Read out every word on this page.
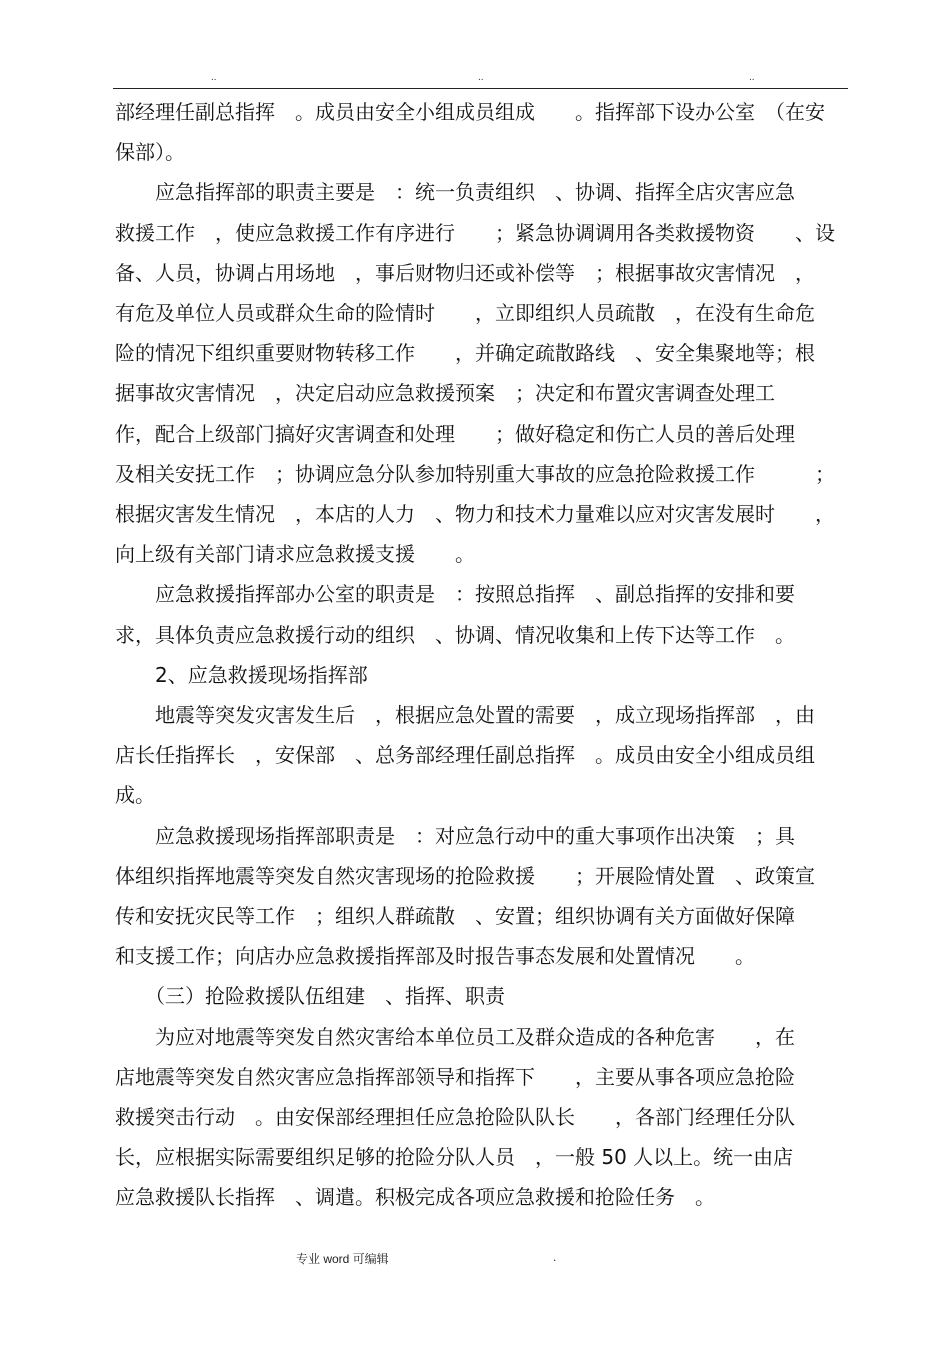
..	..	..
部经理任副总指挥　。成员由安全小组成员组成　　。指挥部下设办公室　（在安
保部）。
　　应急指挥部的职责主要是　：统一负责组织　、协调、指挥全店灾害应急
救援工作　，使应急救援工作有序进行　　；紧急协调调用各类救援物资　　、设
备、人员，协调占用场地　，事后财物归还或补偿等　；根据事故灾害情况　，
有危及单位人员或群众生命的险情时　　，立即组织人员疏散　，在没有生命危
险的情况下组织重要财物转移工作　　，并确定疏散路线　、安全集聚地等；根
据事故灾害情况　，决定启动应急救援预案　；决定和布置灾害调查处理工
作，配合上级部门搞好灾害调查和处理　　；做好稳定和伤亡人员的善后处理
及相关安抚工作　；协调应急分队参加特别重大事故的应急抢险救援工作　　　；
根据灾害发生情况　，本店的人力　、物力和技术力量难以应对灾害发展时　　，
向上级有关部门请求应急救援支援　　。
　　应急救援指挥部办公室的职责是　：按照总指挥　、副总指挥的安排和要
求，具体负责应急救援行动的组织　、协调、情况收集和上传下达等工作　。
　　2、应急救援现场指挥部
　　地震等突发灾害发生后　，根据应急处置的需要　，成立现场指挥部　，由
店长任指挥长　，安保部　、总务部经理任副总指挥　。成员由安全小组成员组
成。
　　应急救援现场指挥部职责是　：对应急行动中的重大事项作出决策　；具
体组织指挥地震等突发自然灾害现场的抢险救援　　；开展险情处置　、政策宣
传和安抚灾民等工作　；组织人群疏散　、安置；组织协调有关方面做好保障
和支援工作；向店办应急救援指挥部及时报告事态发展和处置情况　　。
　　（三）抢险救援队伍组建　、指挥、职责
　　为应对地震等突发自然灾害给本单位员工及群众造成的各种危害　　，在
店地震等突发自然灾害应急指挥部领导和指挥下　　，主要从事各项应急抢险
救援突击行动　。由安保部经理担任应急抢险队队长　　，各部门经理任分队
长，应根据实际需要组织足够的抢险分队人员　，一般 50 人以上。统一由店
应急救援队长指挥　、调遣。积极完成各项应急救援和抢险任务　。
专业 word 可编辑	.
